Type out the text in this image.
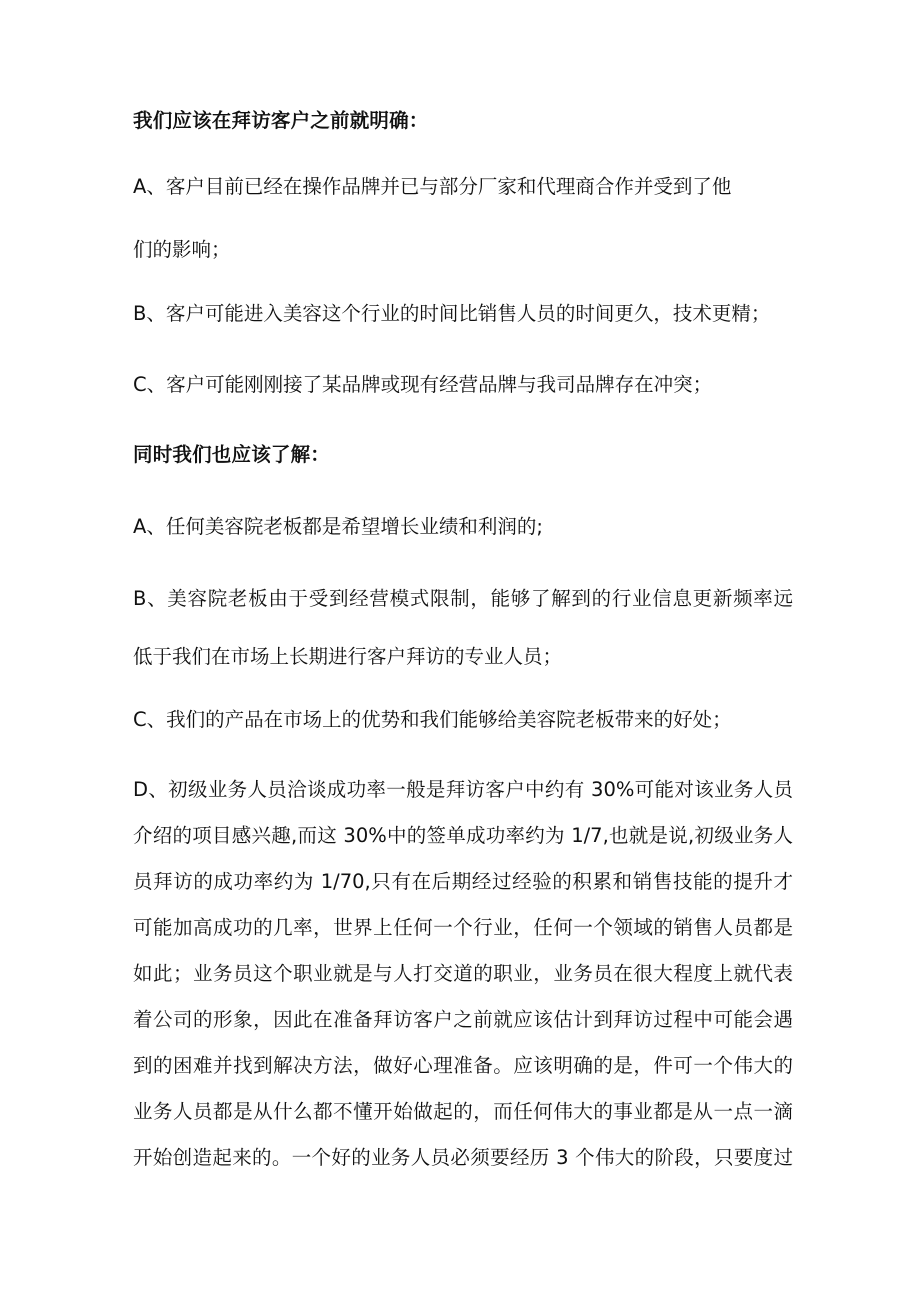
我们应该在拜访客户之前就明确：
A、客户目前已经在操作品牌并已与部分厂家和代理商合作并受到了他
们的影响；
B、客户可能进入美容这个行业的时间比销售人员的时间更久，技术更精；
C、客户可能刚刚接了某品牌或现有经营品牌与我司品牌存在冲突；
同时我们也应该了解：
A、任何美容院老板都是希望增长业绩和利润的;
B、美容院老板由于受到经营模式限制，能够了解到的行业信息更新频率远
低于我们在市场上长期进行客户拜访的专业人员；
C、我们的产品在市场上的优势和我们能够给美容院老板带来的好处；
D、初级业务人员洽谈成功率一般是拜访客户中约有 30%可能对该业务人员
介绍的项目感兴趣,而这 30%中的签单成功率约为 1/7,也就是说,初级业务人
员拜访的成功率约为 1/70,只有在后期经过经验的积累和销售技能的提升才
可能加高成功的几率，世界上任何一个行业，任何一个领域的销售人员都是
如此；业务员这个职业就是与人打交道的职业，业务员在很大程度上就代表
着公司的形象，因此在准备拜访客户之前就应该估计到拜访过程中可能会遇
到的困难并找到解决方法，做好心理准备。应该明确的是，件可一个伟大的
业务人员都是从什么都不懂开始做起的，而任何伟大的事业都是从一点一滴
开始创造起来的。一个好的业务人员必须要经历 3 个伟大的阶段，只要度过
